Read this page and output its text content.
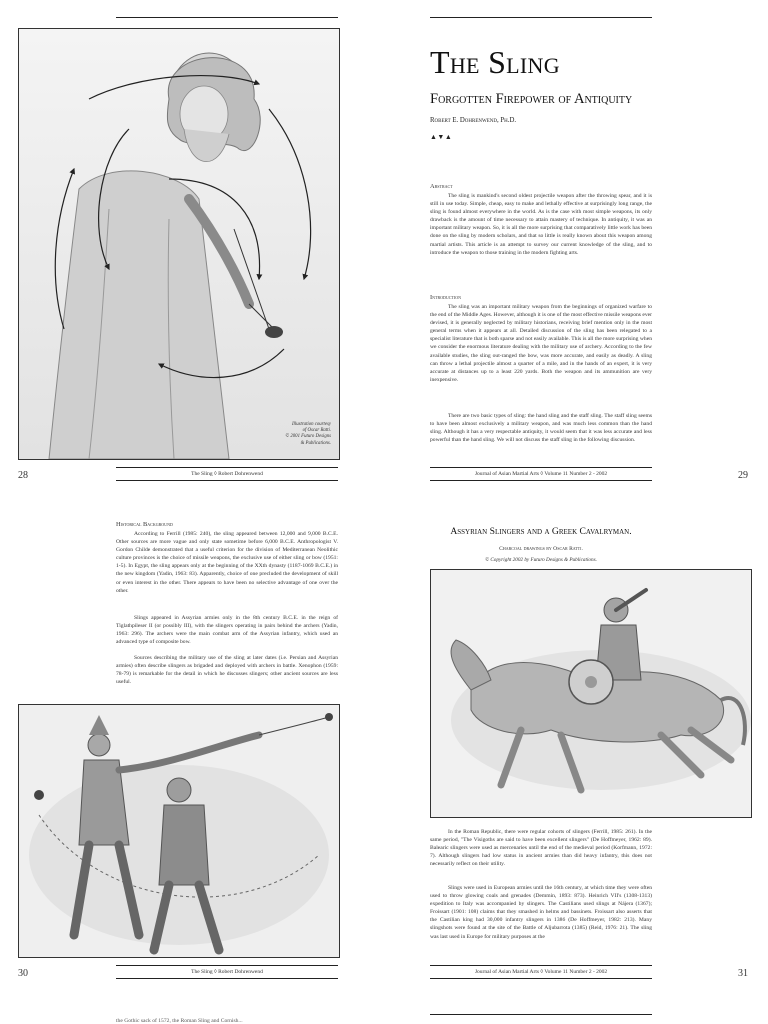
Illustration courtesy
of Oscar Ratti.
© 2001 Futuro Designs
& Publications.
The Sling
Forgotten Firepower of Antiquity
Robert E. Dohrenwend, Ph.D.
▲▼▲
Abstract

The sling is mankind's second oldest projectile weapon after the throwing spear, and it is still in use today. Simple, cheap, easy to make and lethally effective at surprisingly long range, the sling is found almost everywhere in the world. As is the case with most simple weapons, its only drawback is the amount of time necessary to attain mastery of technique. In antiquity, it was an important military weapon. So, it is all the more surprising that comparatively little work has been done on the sling by modern scholars, and that so little is really known about this weapon among martial artists. This article is an attempt to survey our current knowledge of the sling, and to introduce the weapon to those training in the modern fighting arts.

Introduction

The sling was an important military weapon from the beginnings of organized warfare to the end of the Middle Ages. However, although it is one of the most effective missile weapons ever devised, it is generally neglected by military historians, receiving brief mention only in the most general terms when it appears at all. Detailed discussion of the sling has been relegated to a specialist literature that is both sparse and not easily available. This is all the more surprising when we consider the enormous literature dealing with the military use of archery. According to the few available studies, the sling out-ranged the bow, was more accurate, and easily as deadly. A sling can throw a lethal projectile almost a quarter of a mile, and in the hands of an expert, it is very accurate at distances up to a least 220 yards. Both the weapon and its ammunition are very inexpensive.

There are two basic types of sling: the hand sling and the staff sling. The staff sling seems to have been almost exclusively a military weapon, and was much less common than the hand sling. Although it has a very respectable antiquity, it would seem that it was less accurate and less powerful than the hand sling. We will not discuss the staff sling in the following discussion.

28	The Sling ◊ Robert Dohrenwend	Journal of Asian Martial Arts ◊ Volume 11 Number 2 - 2002	29
Historical Background

According to Ferrill (1985: 240), the sling appeared between 12,000 and 9,000 B.C.E. Other sources are more vague and only state sometime before 6,000 B.C.E. Anthropologist V. Gordon Childe demonstrated that a useful criterion for the division of Mediterranean Neolithic culture provinces is the choice of missile weapons, the exclusive use of either sling or bow (1951: 1-5). In Egypt, the sling appears only at the beginning of the XXth dynasty (1187-1069 B.C.E.) in the new kingdom (Yadin, 1963: 83). Apparently, choice of one precluded the development of skill or even interest in the other. There appears to have been no selective advantage of one over the other.

Slings appeared in Assyrian armies only in the 8th century B.C.E. in the reign of Tiglathpileser II (or possibly III), with the slingers operating in pairs behind the archers (Yadin, 1963: 296). The archers were the main combat arm of the Assyrian infantry, which used an advanced type of composite bow.

Sources describing the military use of the sling at later dates (i.e. Persian and Assyrian armies) often describe slingers as brigaded and deployed with archers in battle. Xenophon (1959: 78-79) is remarkable for the detail in which he discusses slingers; other ancient sources are less useful.

Assyrian Slingers and a Greek Cavalryman.
Charcoal drawings by Oscar Ratti.
© Copyright 2002 by Futuro Designs & Publications.

In the Roman Republic, there were regular cohorts of slingers (Ferrill, 1985: 261). In the same period, "The Visigoths are said to have been excellent slingers" (De Hoffmeyer, 1962: 89). Balearic slingers were used as mercenaries until the end of the medieval period (Korfmann, 1972: 7). Although slingers had low status in ancient armies than did heavy infantry, this does not necessarily reflect on their utility.

Slings were used in European armies until the 16th century, at which time they were often used to throw glowing coals and grenades (Demmin, 1893: 873). Heinrich VII's (1308-1313) expedition to Italy was accompanied by slingers. The Castilians used slings at Nájera (1367); Froissart (1901: 108) claims that they smashed in helms and bassinets. Froissart also asserts that the Castilian king had 30,000 infantry slingers in 1386 (De Hoffmeyer, 1982: 213). Many slingshots were found at the site of the Battle of Aljubarrota (1385) (Reid, 1976: 21). The sling was last used in Europe for military purposes at the

30	The Sling ◊ Robert Dohrenwend	Journal of Asian Martial Arts ◊ Volume 11 Number 2 - 2002	31
the Gothic sack of 1572, the Roman Sling and Cornish...
